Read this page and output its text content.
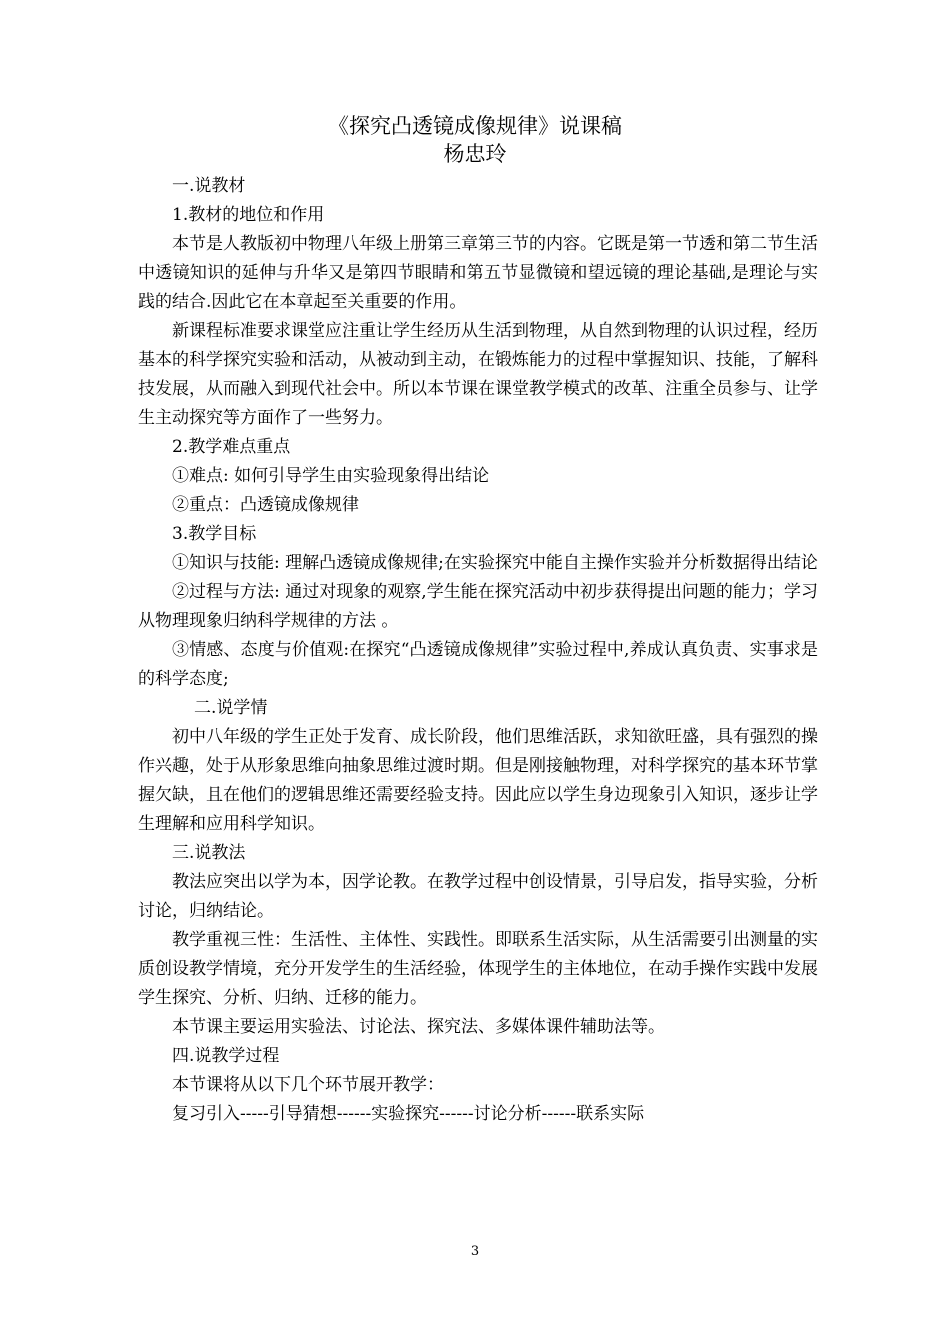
《探究凸透镜成像规律》说课稿
杨忠玲

一.说教材

1.教材的地位和作用

本节是人教版初中物理八年级上册第三章第三节的内容。它既是第一节透和第二节生活中透镜知识的延伸与升华又是第四节眼睛和第五节显微镜和望远镜的理论基础,是理论与实践的结合.因此它在本章起至关重要的作用。

新课程标准要求课堂应注重让学生经历从生活到物理，从自然到物理的认识过程，经历基本的科学探究实验和活动，从被动到主动，在锻炼能力的过程中掌握知识、技能，了解科技发展，从而融入到现代社会中。所以本节课在课堂教学模式的改革、注重全员参与、让学生主动探究等方面作了一些努力。

2.教学难点重点

①难点: 如何引导学生由实验现象得出结论

②重点：凸透镜成像规律

3.教学目标

①知识与技能: 理解凸透镜成像规律;在实验探究中能自主操作实验并分析数据得出结论

②过程与方法: 通过对现象的观察,学生能在探究活动中初步获得提出问题的能力；学习从物理现象归纳科学规律的方法 。

③情感、态度与价值观:在探究“凸透镜成像规律”实验过程中,养成认真负责、实事求是的科学态度;

二.说学情

初中八年级的学生正处于发育、成长阶段，他们思维活跃，求知欲旺盛，具有强烈的操作兴趣，处于从形象思维向抽象思维过渡时期。但是刚接触物理，对科学探究的基本环节掌握欠缺，且在他们的逻辑思维还需要经验支持。因此应以学生身边现象引入知识，逐步让学生理解和应用科学知识。

三.说教法

教法应突出以学为本，因学论教。在教学过程中创设情景，引导启发，指导实验，分析讨论，归纳结论。

教学重视三性：生活性、主体性、实践性。即联系生活实际，从生活需要引出测量的实质创设教学情境，充分开发学生的生活经验，体现学生的主体地位，在动手操作实践中发展学生探究、分析、归纳、迁移的能力。

本节课主要运用实验法、讨论法、探究法、多媒体课件辅助法等。

四.说教学过程

本节课将从以下几个环节展开教学：

复习引入-----引导猜想------实验探究------讨论分析------联系实际

3
